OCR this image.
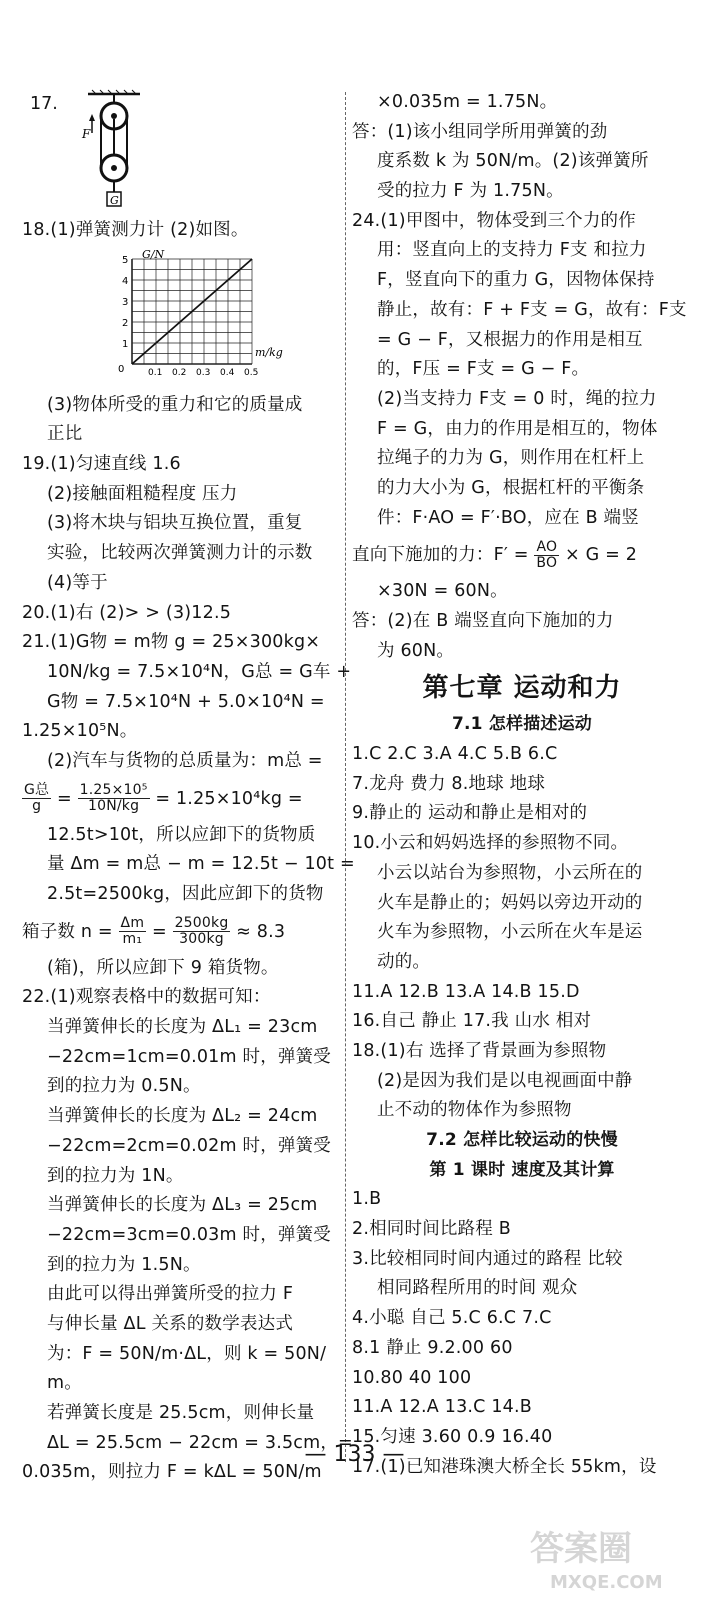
17.
F
G
18.(1)弹簧测力计 (2)如图。
1
2
3
4
5
0.1 0.2 0.3 0.4 0.5
G/N
m/kg
0
(3)物体所受的重力和它的质量成
正比
19.(1)匀速直线 1.6
(2)接触面粗糙程度 压力
(3)将木块与铝块互换位置，重复
实验，比较两次弹簧测力计的示数
(4)等于
20.(1)右 (2)> > (3)12.5
21.(1)G物 = m物 g = 25×300kg×
10N/kg = 7.5×10⁴N，G总 = G车 +
G物 = 7.5×10⁴N + 5.0×10⁴N =
1.25×10⁵N。
(2)汽车与货物的总质量为：m总 =
$\frac{\text{G总}}{g} = \frac{\text{1.25×10⁵}}{10N/kg} = 1.25\times 10^4kg$ =
12.5t>10t，所以应卸下的货物质
量 Δm = m总 − m = 12.5t − 10t =
2.5t=2500kg，因此应卸下的货物
箱子数 $n = \frac{\Delta m}{\text{m₁}} = \frac{2500kg}{300kg} \approx 8.3$
(箱)，所以应卸下 9 箱货物。
22.(1)观察表格中的数据可知：
当弹簧伸长的长度为 ΔL₁ = 23cm
−22cm=1cm=0.01m 时，弹簧受
到的拉力为 0.5N。
当弹簧伸长的长度为 ΔL₂ = 24cm
−22cm=2cm=0.02m 时，弹簧受
到的拉力为 1N。
当弹簧伸长的长度为 ΔL₃ = 25cm
−22cm=3cm=0.03m 时，弹簧受
到的拉力为 1.5N。
由此可以得出弹簧所受的拉力 F
与伸长量 ΔL 关系的数学表达式
为：F = 50N/m·ΔL，则 k = 50N/
m。
若弹簧长度是 25.5cm，则伸长量
ΔL = 25.5cm − 22cm = 3.5cm，=
0.035m，则拉力 F = kΔL = 50N/m
×0.035m = 1.75N。
答：(1)该小组同学所用弹簧的劲
度系数 k 为 50N/m。(2)该弹簧所
受的拉力 F 为 1.75N。
24.(1)甲图中，物体受到三个力的作
用：竖直向上的支持力 F支 和拉力
F，竖直向下的重力 G，因物体保持
静止，故有：F + F支 = G，故有：F支
= G − F，又根据力的作用是相互
的，F压 = F支 = G − F。
(2)当支持力 F支 = 0 时，绳的拉力
F = G，由力的作用是相互的，物体
拉绳子的力为 G，则作用在杠杆上
的力大小为 G，根据杠杆的平衡条
件：F·AO = F′·BO，应在 B 端竖
直向下施加的力：$F' = \frac{AO}{BO} \times G = 2$
×30N = 60N。
答：(2)在 B 端竖直向下施加的力
为 60N。
第七章 运动和力
7.1 怎样描述运动
1.C 2.C 3.A 4.C 5.B 6.C
7.龙舟 费力 8.地球 地球
9.静止的 运动和静止是相对的
10.小云和妈妈选择的参照物不同。
小云以站台为参照物，小云所在的
火车是静止的；妈妈以旁边开动的
火车为参照物，小云所在火车是运
动的。
11.A 12.B 13.A 14.B 15.D
16.自己 静止 17.我 山水 相对
18.(1)右 选择了背景画为参照物
(2)是因为我们是以电视画面中静
止不动的物体作为参照物
7.2 怎样比较运动的快慢
第 1 课时 速度及其计算
1.B
2.相同时间比路程 B
3.比较相同时间内通过的路程 比较
相同路程所用的时间 观众
4.小聪 自己 5.C 6.C 7.C
8.1 静止 9.2.00 60
10.80 40 100
11.A 12.A 13.C 14.B
15.匀速 3.60 0.9 16.40
17.(1)已知港珠澳大桥全长 55km，设
— 133 —
答案圈
MXQE.COM
